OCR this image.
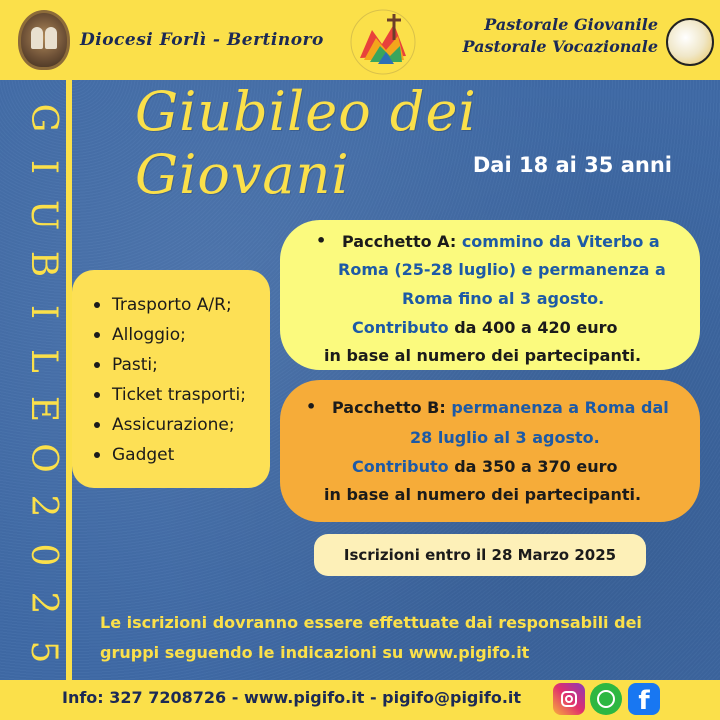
Diocesi Forlì - Bertinoro
Pastorale Giovanile
Pastorale Vocazionale
G
I
U
B
I
L
E
O
2
0
2
5
Giubileo dei Giovani	Dai 18 ai 35 anni
Trasporto A/R;
Alloggio;
Pasti;
Ticket trasporti;
Assicurazione;
Gadget
• Pacchetto A: commino da Viterbo a
Roma (25-28 luglio) e permanenza a
Roma fino al 3 agosto.
Contributo da 400 a 420 euro
in base al numero dei partecipanti.
• Pacchetto B: permanenza a Roma dal
28 luglio al 3 agosto.
Contributo da 350 a 370 euro
in base al numero dei partecipanti.
Iscrizioni entro il 28 Marzo 2025
Le iscrizioni dovranno essere effettuate dai responsabili dei
gruppi seguendo le indicazioni su www.pigifo.it
Info: 327 7208726 - www.pigifo.it - pigifo@pigifo.it	f
